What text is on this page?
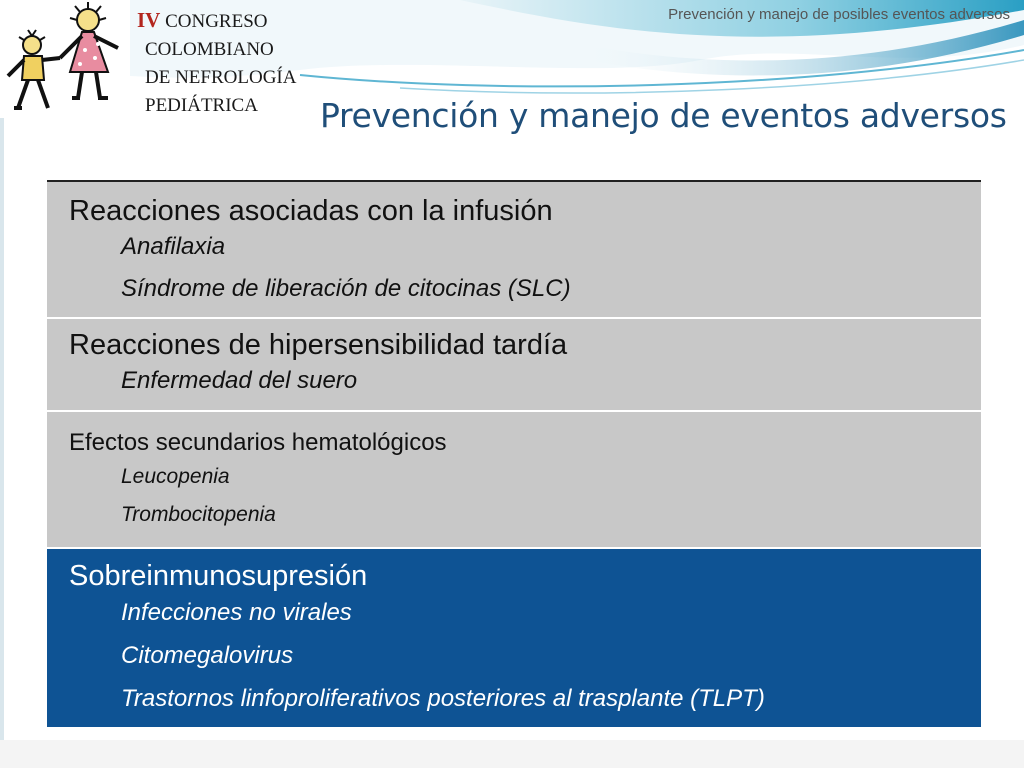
IV CONGRESO
COLOMBIANO
DE NEFROLOGÍA
PEDIÁTRICA
Prevención y manejo de posibles eventos adversos
Prevención y manejo de eventos adversos
Reacciones asociadas con la infusión
Anafilaxia
Síndrome de liberación de citocinas (SLC)
Reacciones de hipersensibilidad tardía
Enfermedad del suero
Efectos secundarios hematológicos
Leucopenia
Trombocitopenia
Sobreinmunosupresión
Infecciones no virales
Citomegalovirus
Trastornos linfoproliferativos posteriores al trasplante (TLPT)
